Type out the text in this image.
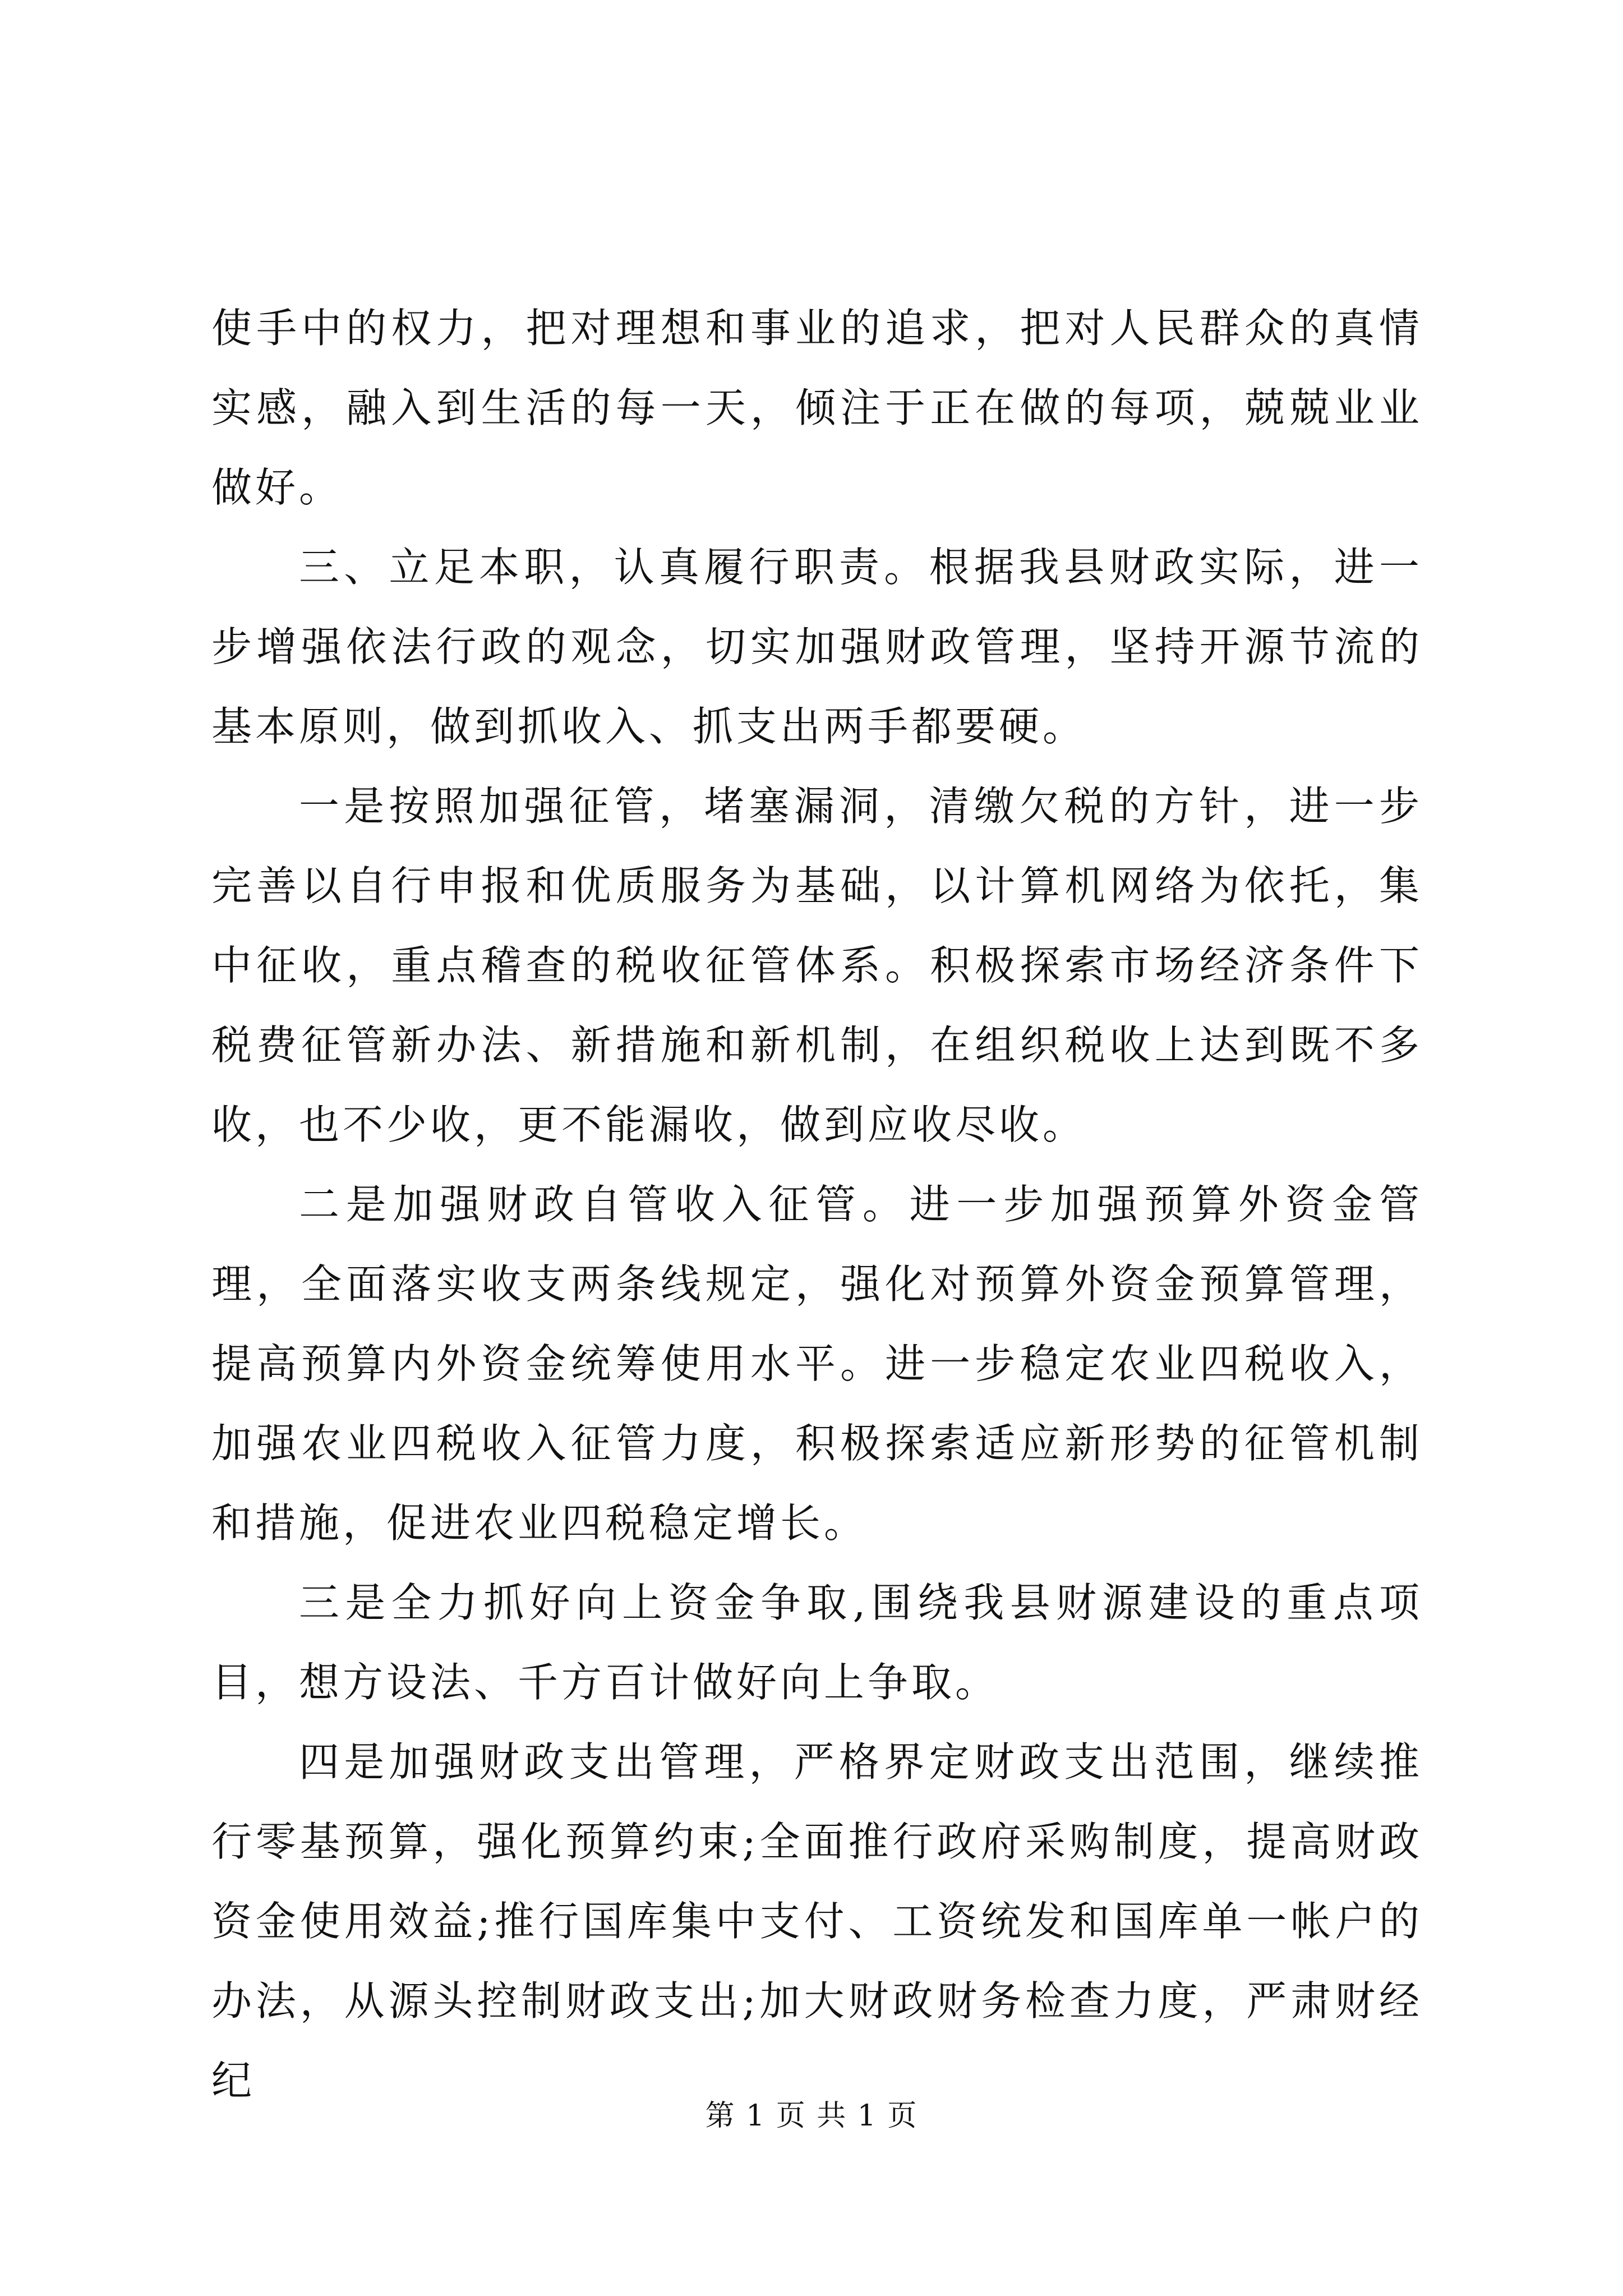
使手中的权力，把对理想和事业的追求，把对人民群众的真情实感，融入到生活的每一天，倾注于正在做的每项，兢兢业业做好。

三、立足本职，认真履行职责。根据我县财政实际，进一步增强依法行政的观念，切实加强财政管理，坚持开源节流的基本原则，做到抓收入、抓支出两手都要硬。

一是按照加强征管，堵塞漏洞，清缴欠税的方针，进一步完善以自行申报和优质服务为基础，以计算机网络为依托，集中征收，重点稽查的税收征管体系。积极探索市场经济条件下税费征管新办法、新措施和新机制，在组织税收上达到既不多收，也不少收，更不能漏收，做到应收尽收。

二是加强财政自管收入征管。进一步加强预算外资金管理，全面落实收支两条线规定，强化对预算外资金预算管理，提高预算内外资金统筹使用水平。进一步稳定农业四税收入，加强农业四税收入征管力度，积极探索适应新形势的征管机制和措施，促进农业四税稳定增长。

三是全力抓好向上资金争取,围绕我县财源建设的重点项目，想方设法、千方百计做好向上争取。

四是加强财政支出管理，严格界定财政支出范围，继续推行零基预算，强化预算约束;全面推行政府采购制度，提高财政资金使用效益;推行国库集中支付、工资统发和国库单一帐户的办法，从源头控制财政支出;加大财政财务检查力度，严肃财经纪

第 1 页 共 1 页
